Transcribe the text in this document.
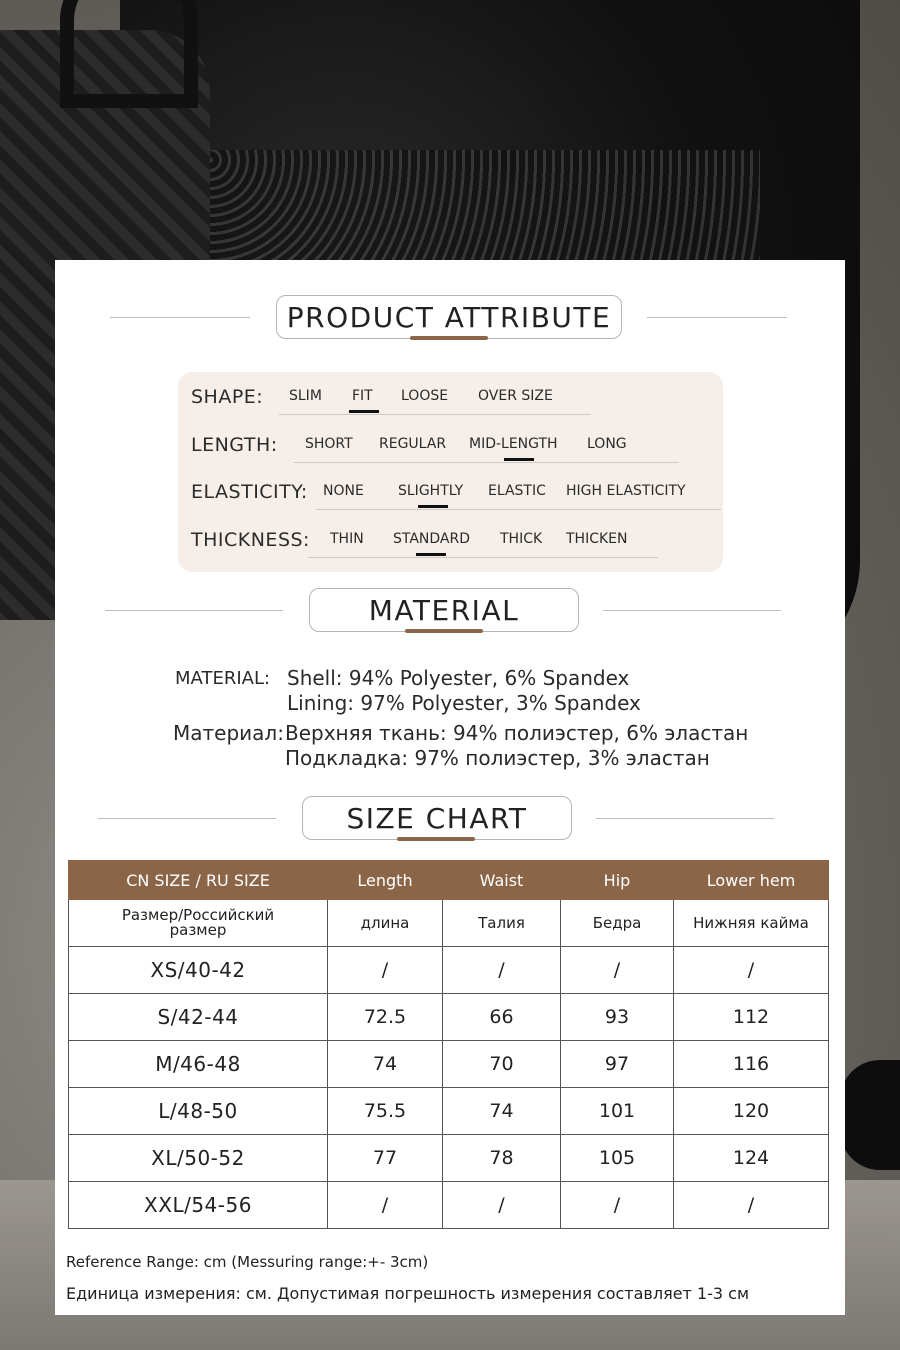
PRODUCT ATTRIBUTE
SHAPE: SLIM FIT LOOSE OVER SIZE
LENGTH: SHORT REGULAR MID-LENGTH LONG
ELASTICITY: NONE SLIGHTLY ELASTIC HIGH ELASTICITY
THICKNESS: THIN STANDARD THICK THICKEN
MATERIAL
MATERIAL: Shell: 94% Polyester, 6% Spandex
Lining: 97% Polyester, 3% Spandex
Материал: Верхняя ткань: 94% полиэстер, 6% эластан
Подкладка: 97% полиэстер, 3% эластан
SIZE CHART
CN SIZE / RU SIZE	Length	Waist	Hip	Lower hem
Размер/Российский размер	длина	Талия	Бедра	Нижняя кайма
XS/40-42	/	/	/	/
S/42-44	72.5	66	93	112
M/46-48	74	70	97	116
L/48-50	75.5	74	101	120
XL/50-52	77	78	105	124
XXL/54-56	/	/	/	/
Reference Range: cm (Messuring range:+- 3cm)
Единица измерения: см. Допустимая погрешность измерения составляет 1-3 см
